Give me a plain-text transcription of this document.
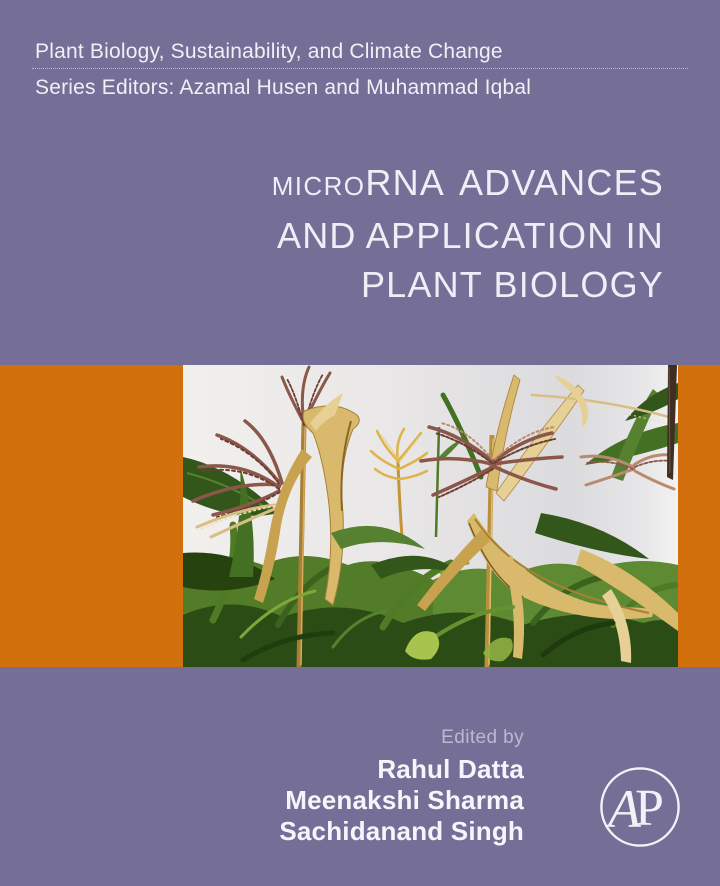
Plant Biology, Sustainability, and Climate Change
Series Editors: Azamal Husen and Muhammad Iqbal
MICRORNA ADVANCES
AND APPLICATION IN
PLANT BIOLOGY
Edited by
Rahul Datta
Meenakshi Sharma
Sachidanand Singh A
P
